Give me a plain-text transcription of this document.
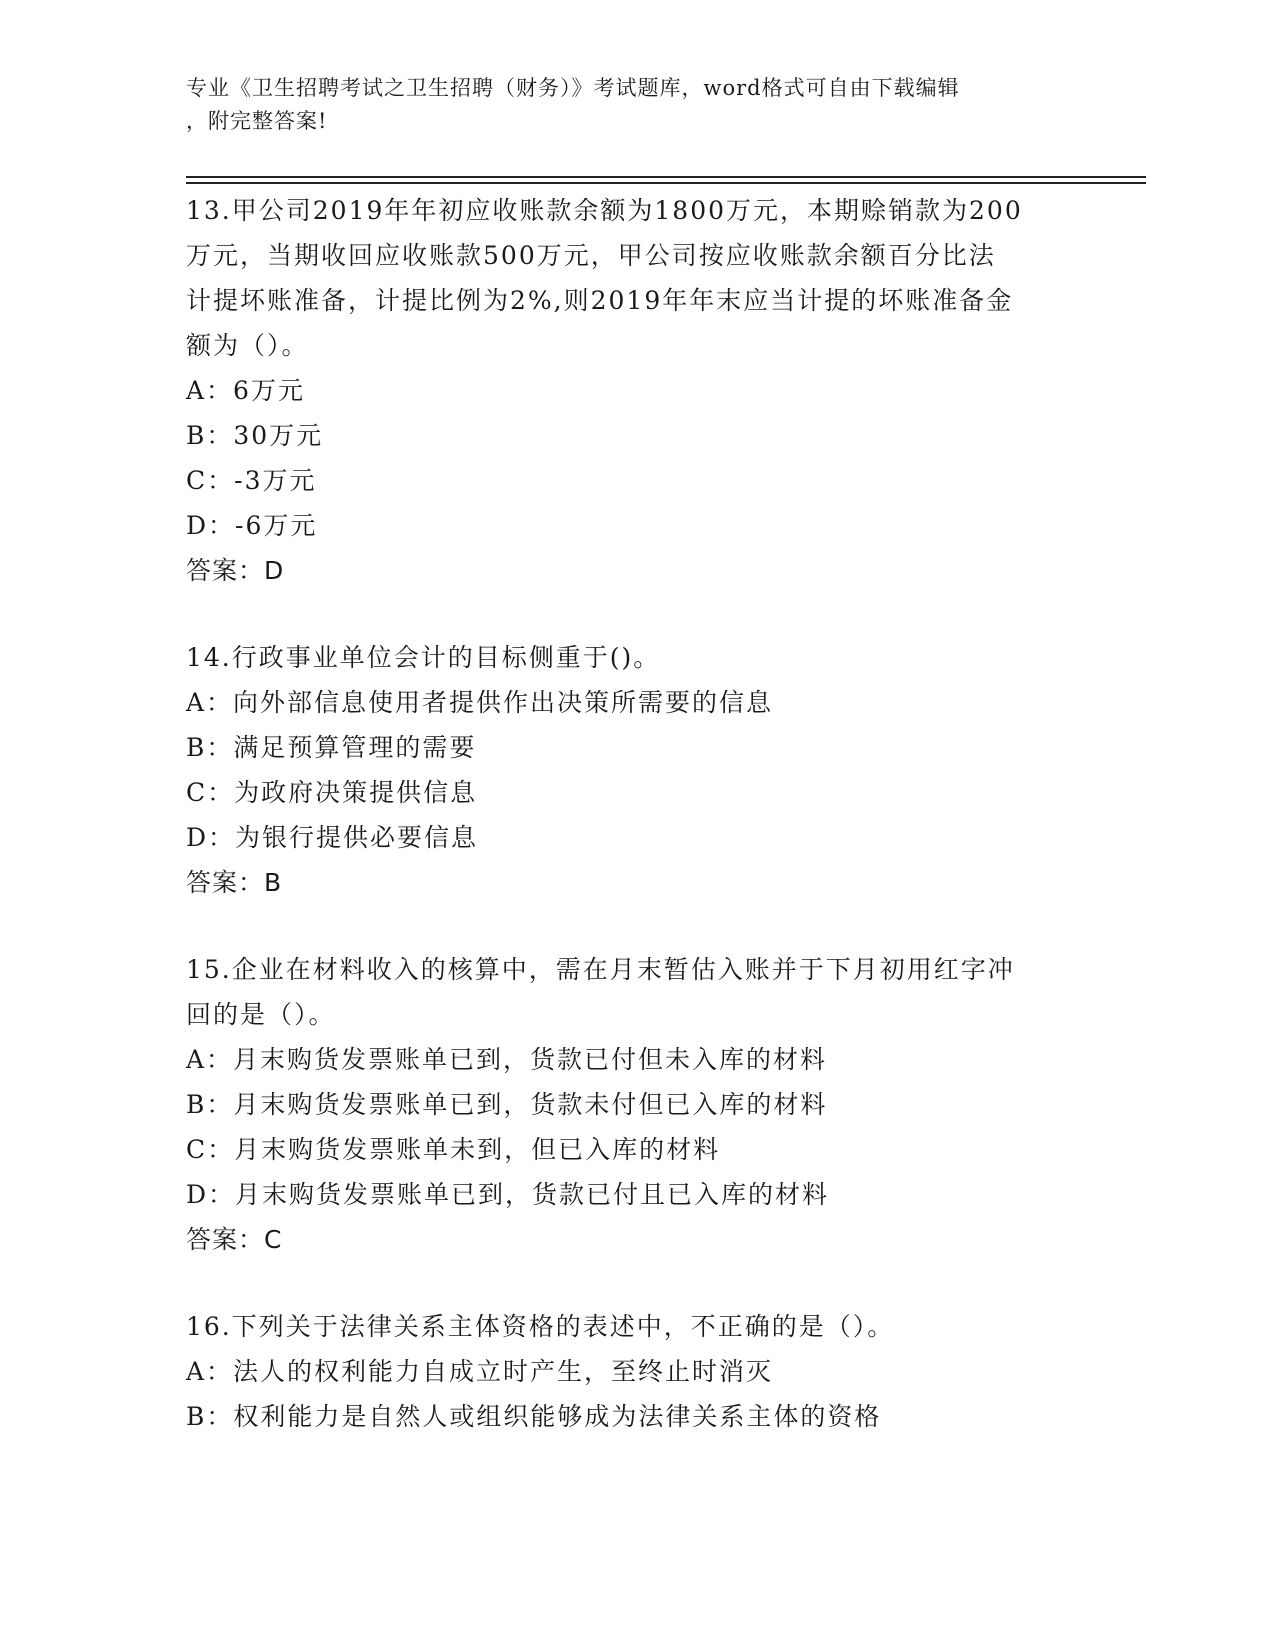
专业《卫生招聘考试之卫生招聘（财务）》考试题库，word格式可自由下载编辑
，附完整答案!
13.甲公司2019年年初应收账款余额为1800万元，本期赊销款为200
万元，当期收回应收账款500万元，甲公司按应收账款余额百分比法
计提坏账准备，计提比例为2%,则2019年年末应当计提的坏账准备金
额为（）。
A：6万元
B：30万元
C：-3万元
D：-6万元
答案：D
14.行政事业单位会计的目标侧重于()。
A：向外部信息使用者提供作出决策所需要的信息
B：满足预算管理的需要
C：为政府决策提供信息
D：为银行提供必要信息
答案：B
15.企业在材料收入的核算中，需在月末暂估入账并于下月初用红字冲
回的是（）。
A：月末购货发票账单已到，货款已付但未入库的材料
B：月末购货发票账单已到，货款未付但已入库的材料
C：月末购货发票账单未到，但已入库的材料
D：月末购货发票账单已到，货款已付且已入库的材料
答案：C
16.下列关于法律关系主体资格的表述中，不正确的是（）。
A：法人的权利能力自成立时产生，至终止时消灭
B：权利能力是自然人或组织能够成为法律关系主体的资格
